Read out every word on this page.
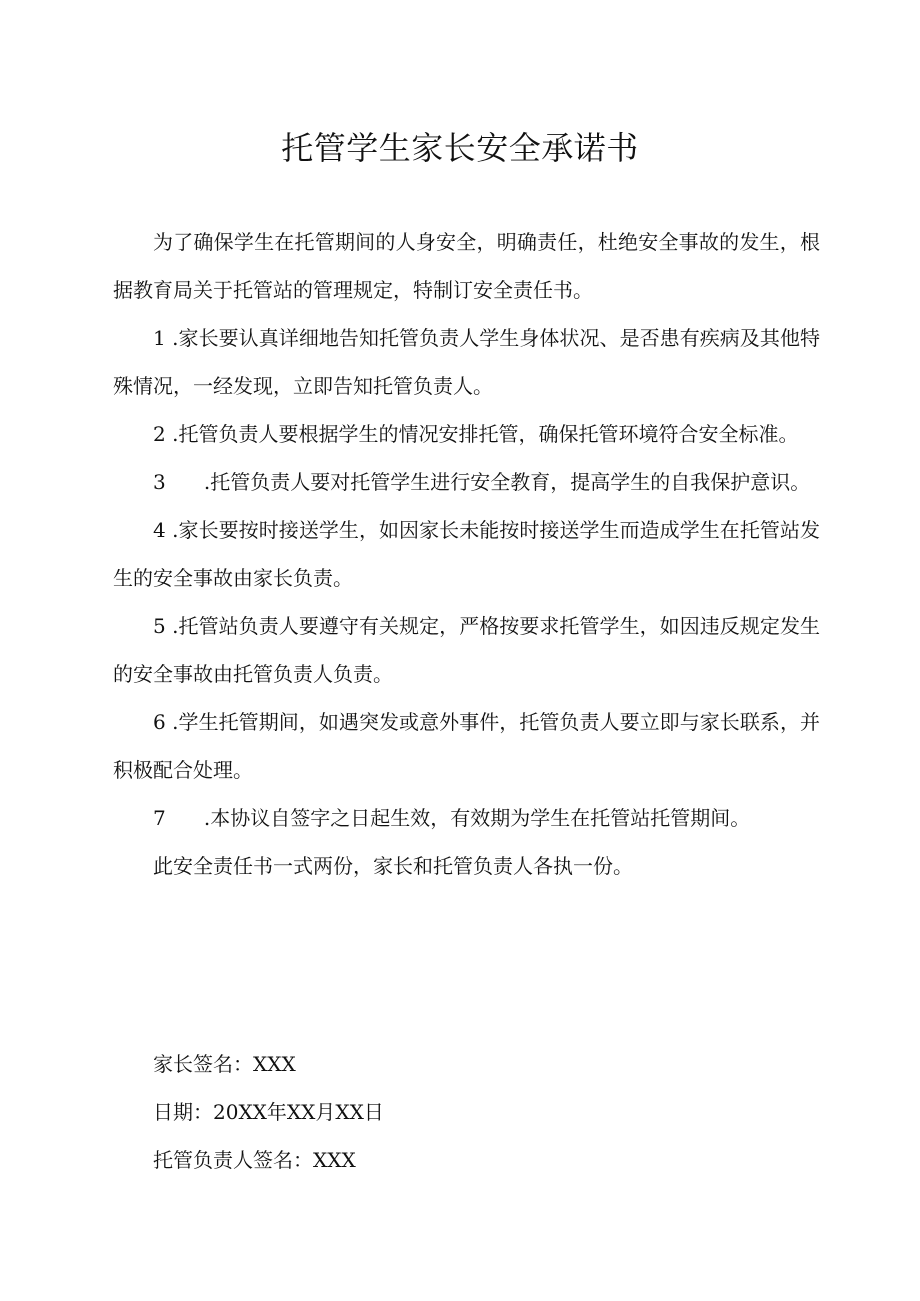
托管学生家长安全承诺书

为了确保学生在托管期间的人身安全，明确责任，杜绝安全事故的发生，根据教育局关于托管站的管理规定，特制订安全责任书。

1 .家长要认真详细地告知托管负责人学生身体状况、是否患有疾病及其他特殊情况，一经发现，立即告知托管负责人。

2 .托管负责人要根据学生的情况安排托管，确保托管环境符合安全标准。

3      .托管负责人要对托管学生进行安全教育，提高学生的自我保护意识。

4 .家长要按时接送学生，如因家长未能按时接送学生而造成学生在托管站发生的安全事故由家长负责。

5 .托管站负责人要遵守有关规定，严格按要求托管学生，如因违反规定发生的安全事故由托管负责人负责。

6 .学生托管期间，如遇突发或意外事件，托管负责人要立即与家长联系，并积极配合处理。

7      .本协议自签字之日起生效，有效期为学生在托管站托管期间。

此安全责任书一式两份，家长和托管负责人各执一份。

家长签名：XXX
日期：20XX年XX月XX日
托管负责人签名：XXX
